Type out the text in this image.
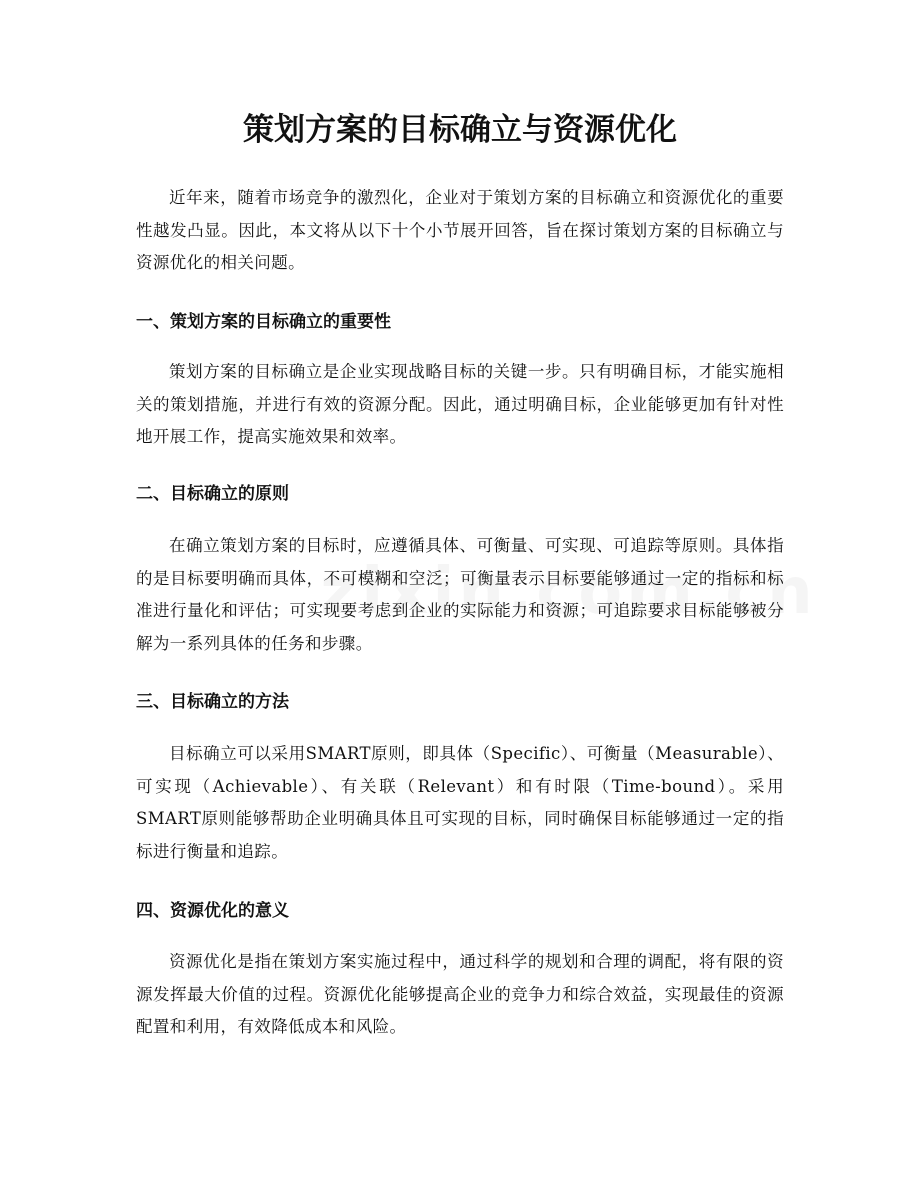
策划方案的目标确立与资源优化

近年来，随着市场竞争的激烈化，企业对于策划方案的目标确立和资源优化的重要性越发凸显。因此，本文将从以下十个小节展开回答，旨在探讨策划方案的目标确立与资源优化的相关问题。

一、策划方案的目标确立的重要性

策划方案的目标确立是企业实现战略目标的关键一步。只有明确目标，才能实施相关的策划措施，并进行有效的资源分配。因此，通过明确目标，企业能够更加有针对性地开展工作，提高实施效果和效率。

二、目标确立的原则

在确立策划方案的目标时，应遵循具体、可衡量、可实现、可追踪等原则。具体指的是目标要明确而具体，不可模糊和空泛；可衡量表示目标要能够通过一定的指标和标准进行量化和评估；可实现要考虑到企业的实际能力和资源；可追踪要求目标能够被分解为一系列具体的任务和步骤。

三、目标确立的方法

目标确立可以采用SMART原则，即具体（Specific）、可衡量（Measurable）、可实现（Achievable）、有关联（Relevant）和有时限（Time-bound）。采用SMART原则能够帮助企业明确具体且可实现的目标，同时确保目标能够通过一定的指标进行衡量和追踪。

四、资源优化的意义

资源优化是指在策划方案实施过程中，通过科学的规划和合理的调配，将有限的资源发挥最大价值的过程。资源优化能够提高企业的竞争力和综合效益，实现最佳的资源配置和利用，有效降低成本和风险。
